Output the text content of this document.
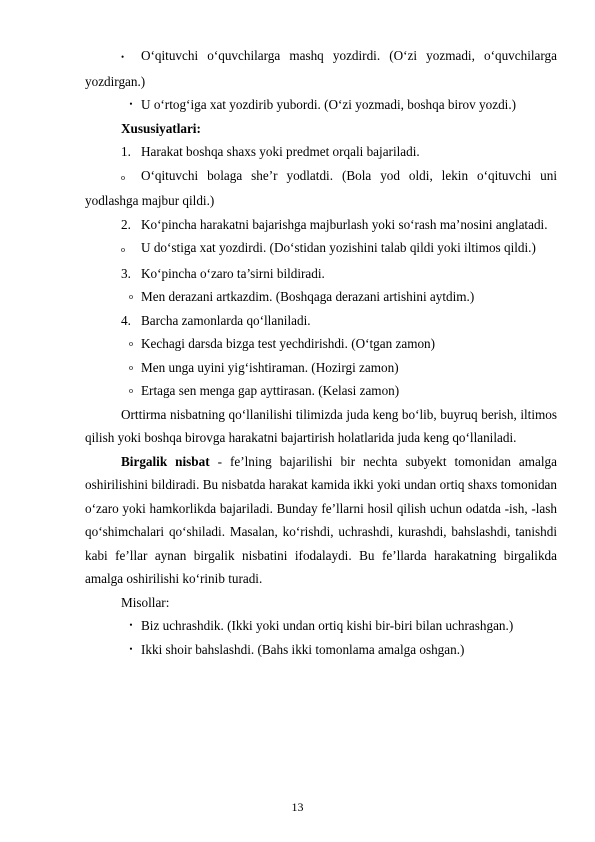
• O‘qituvchi o‘quvchilarga mashq yozdirdi. (O‘zi yozmadi, o‘quvchilarga yozdirgan.)

• U o‘rtog‘iga xat yozdirib yubordi. (O‘zi yozmadi, boshqa birov yozdi.)

Xususiyatlari:

1. Harakat boshqa shaxs yoki predmet orqali bajariladi.

o O‘qituvchi bolaga she’r yodlatdi. (Bola yod oldi, lekin o‘qituvchi uni yodlashga majbur qildi.)

2. Ko‘pincha harakatni bajarishga majburlash yoki so‘rash ma’nosini anglatadi.

o U do‘stiga xat yozdirdi. (Do‘stidan yozishini talab qildi yoki iltimos qildi.)

3. Ko‘pincha o‘zaro ta’sirni bildiradi.

o Men derazani artkazdim. (Boshqaga derazani artishini aytdim.)

4. Barcha zamonlarda qo‘llaniladi.

o Kechagi darsda bizga test yechdirishdi. (O‘tgan zamon)

o Men unga uyini yig‘ishtiraman. (Hozirgi zamon)

o Ertaga sen menga gap ayttirasan. (Kelasi zamon)

Orttirma nisbatning qo‘llanilishi tilimizda juda keng bo‘lib, buyruq berish, iltimos qilish yoki boshqa birovga harakatni bajartirish holatlarida juda keng qo‘llaniladi.

Birgalik nisbat - fe’lning bajarilishi bir nechta subyekt tomonidan amalga oshirilishini bildiradi. Bu nisbatda harakat kamida ikki yoki undan ortiq shaxs tomonidan o‘zaro yoki hamkorlikda bajariladi. Bunday fe’llarni hosil qilish uchun odatda -ish, -lash qo‘shimchalari qo‘shiladi. Masalan, ko‘rishdi, uchrashdi, kurashdi, bahslashdi, tanishdi kabi fe’llar aynan birgalik nisbatini ifodalaydi. Bu fe’llarda harakatning birgalikda amalga oshirilishi ko‘rinib turadi.

Misollar:

• Biz uchrashdik. (Ikki yoki undan ortiq kishi bir-biri bilan uchrashgan.)

• Ikki shoir bahslashdi. (Bahs ikki tomonlama amalga oshgan.)

13
